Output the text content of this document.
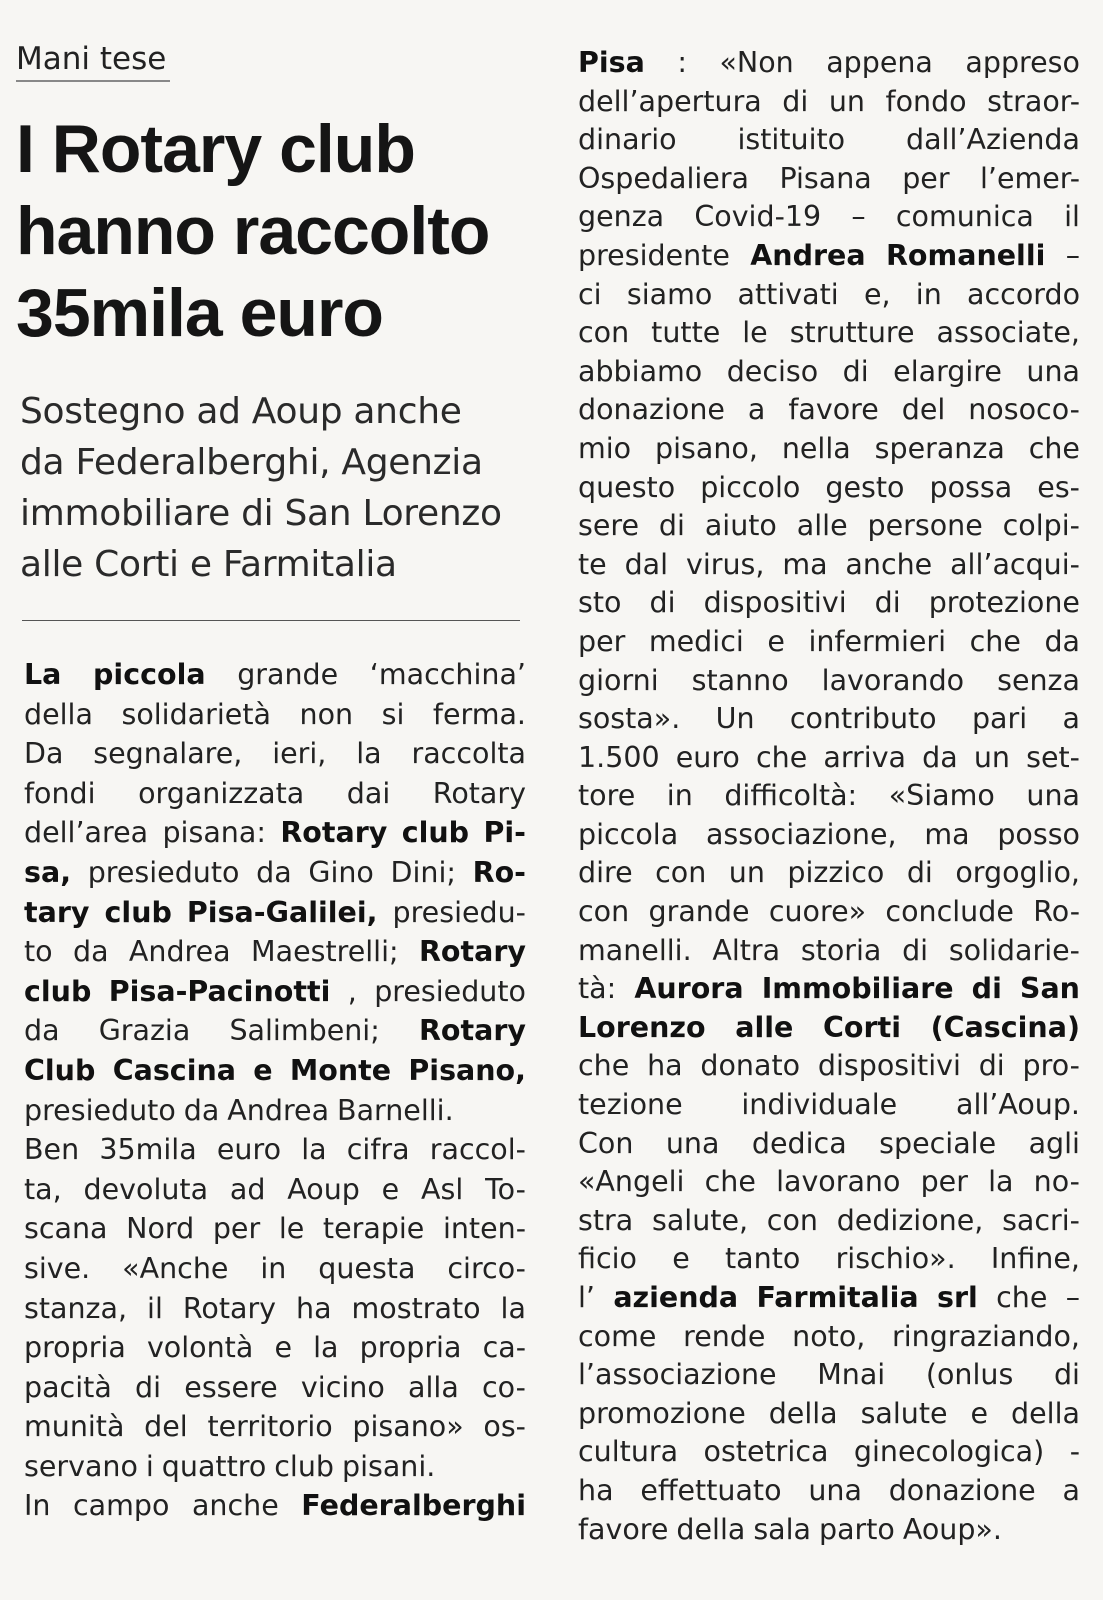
Mani tese
I Rotary club
hanno raccolto
35mila euro
Sostegno ad Aoup anche
da Federalberghi, Agenzia
immobiliare di San Lorenzo
alle Corti e Farmitalia
La piccola grande ‘macchina’
della solidarietà non si ferma.
Da segnalare, ieri, la raccolta
fondi organizzata dai Rotary
dell’area pisana: Rotary club Pi-
sa, presieduto da Gino Dini; Ro-
tary club Pisa-Galilei, presiedu-
to da Andrea Maestrelli; Rotary
club Pisa-Pacinotti , presieduto
da Grazia Salimbeni; Rotary
Club Cascina e Monte Pisano,
presieduto da Andrea Barnelli.
Ben 35mila euro la cifra raccol-
ta, devoluta ad Aoup e Asl To-
scana Nord per le terapie inten-
sive. «Anche in questa circo-
stanza, il Rotary ha mostrato la
propria volontà e la propria ca-
pacità di essere vicino alla co-
munità del territorio pisano» os-
servano i quattro club pisani.
In campo anche Federalberghi
Pisa : «Non appena appreso
dell’apertura di un fondo straor-
dinario istituito dall’Azienda
Ospedaliera Pisana per l’emer-
genza Covid-19 – comunica il
presidente Andrea Romanelli –
ci siamo attivati e, in accordo
con tutte le strutture associate,
abbiamo deciso di elargire una
donazione a favore del nosoco-
mio pisano, nella speranza che
questo piccolo gesto possa es-
sere di aiuto alle persone colpi-
te dal virus, ma anche all’acqui-
sto di dispositivi di protezione
per medici e infermieri che da
giorni stanno lavorando senza
sosta». Un contributo pari a
1.500 euro che arriva da un set-
tore in difficoltà: «Siamo una
piccola associazione, ma posso
dire con un pizzico di orgoglio,
con grande cuore» conclude Ro-
manelli. Altra storia di solidarie-
tà: Aurora Immobiliare di San
Lorenzo alle Corti (Cascina)
che ha donato dispositivi di pro-
tezione individuale all’Aoup.
Con una dedica speciale agli
«Angeli che lavorano per la no-
stra salute, con dedizione, sacri-
ficio e tanto rischio». Infine,
l’ azienda Farmitalia srl che –
come rende noto, ringraziando,
l’associazione Mnai (onlus di
promozione della salute e della
cultura ostetrica ginecologica) -
ha effettuato una donazione a
favore della sala parto Aoup».
